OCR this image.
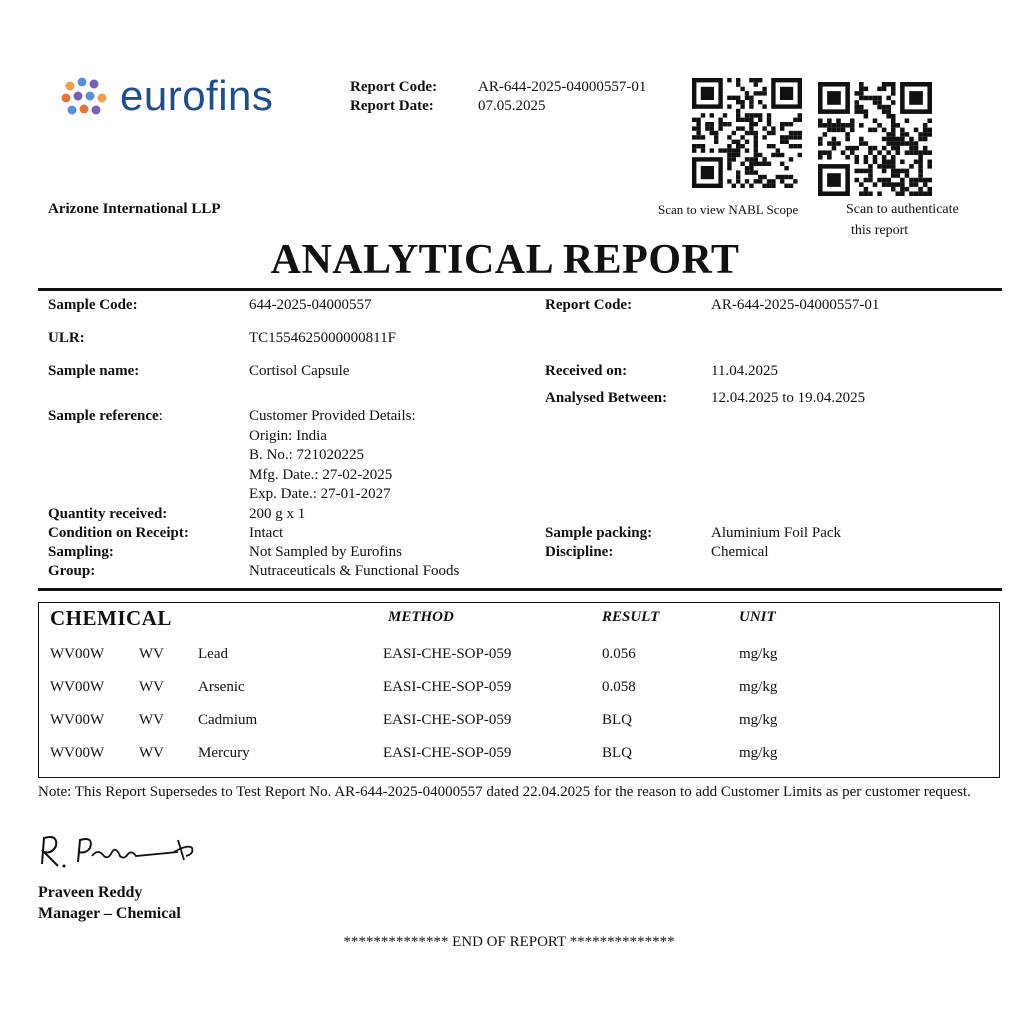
eurofins	Report Code:	AR-644-2025-04000557-01
Report Date:	07.05.2025
Scan to view NABL Scope	Scan to authenticate
this report
Arizone International LLP
ANALYTICAL REPORT
Sample Code:	644-2025-04000557	Report Code:	AR-644-2025-04000557-01
ULR:	TC1554625000000811F
Sample name:	Cortisol Capsule	Received on:	11.04.2025
Analysed Between:	12.04.2025 to 19.04.2025
Sample reference:	Customer Provided Details:
Origin: India
B. No.: 721020225
Mfg. Date.: 27-02-2025
Exp. Date.: 27-01-2027
Quantity received:	200 g x 1
Condition on Receipt:	Intact	Sample packing:	Aluminium Foil Pack
Sampling:	Not Sampled by Eurofins	Discipline:	Chemical
Group:	Nutraceuticals & Functional Foods
CHEMICAL	METHOD	RESULT	UNIT
WV00W WV Lead	EASI-CHE-SOP-059	0.056	mg/kg
WV00W WV Arsenic	EASI-CHE-SOP-059	0.058	mg/kg
WV00W WV Cadmium	EASI-CHE-SOP-059	BLQ	mg/kg
WV00W WV Mercury	EASI-CHE-SOP-059	BLQ	mg/kg
Note: This Report Supersedes to Test Report No. AR-644-2025-04000557 dated 22.04.2025 for the reason to add Customer Limits as per customer request.
Praveen Reddy
Manager – Chemical
************** END OF REPORT **************
